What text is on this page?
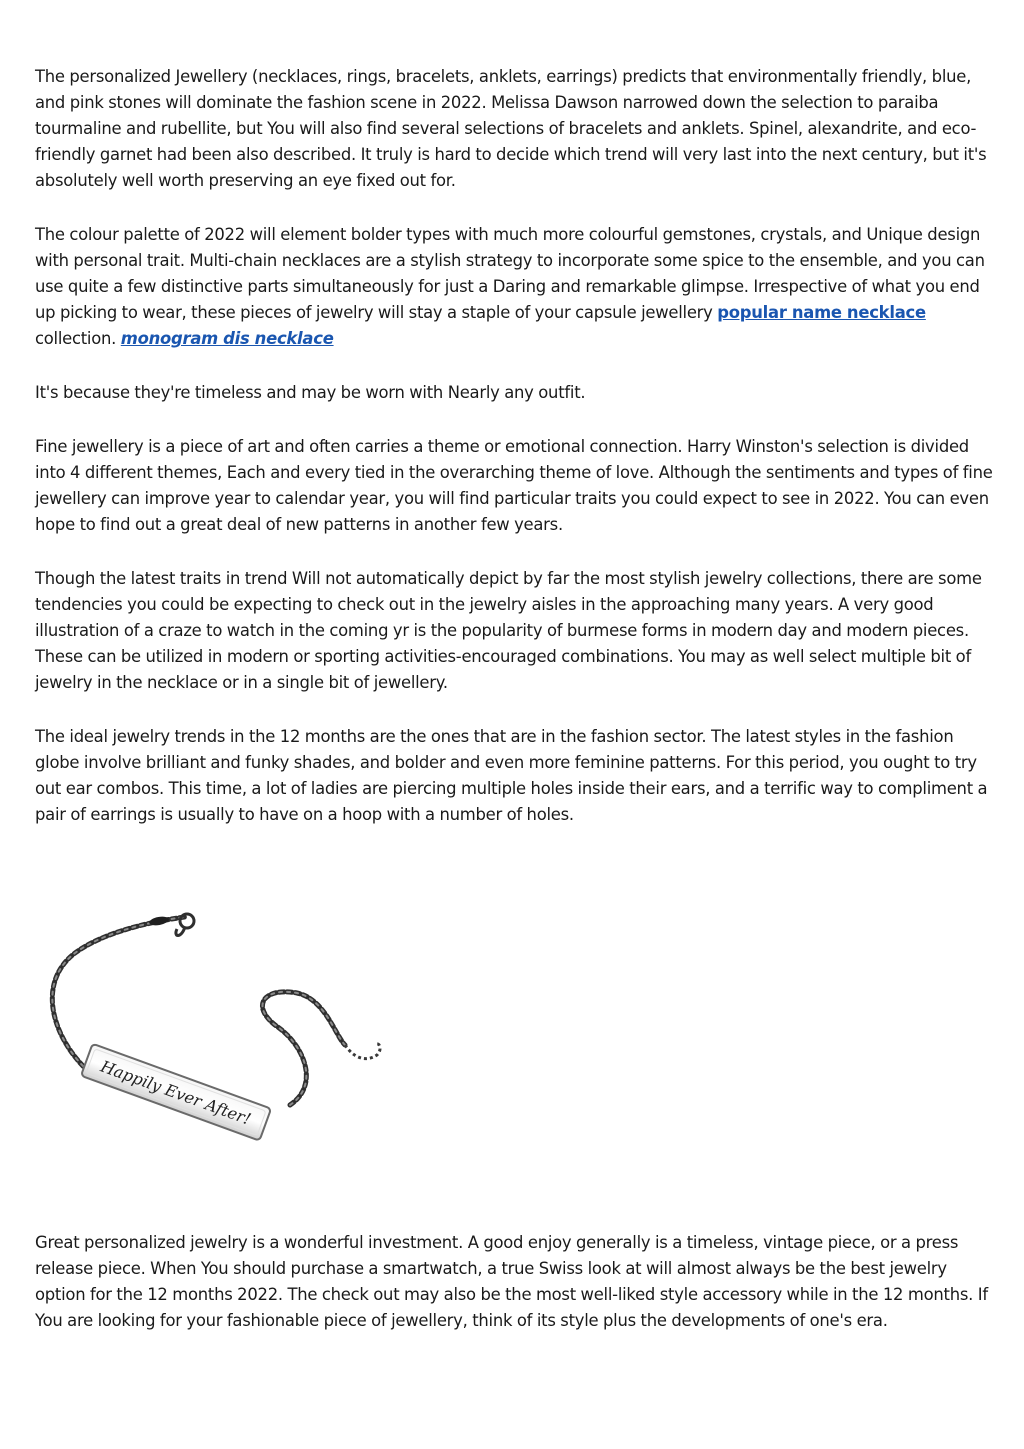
The personalized Jewellery (necklaces, rings, bracelets, anklets, earrings) predicts that environmentally friendly, blue, and pink stones will dominate the fashion scene in 2022. Melissa Dawson narrowed down the selection to paraiba tourmaline and rubellite, but You will also find several selections of bracelets and anklets. Spinel, alexandrite, and eco-friendly garnet had been also described. It truly is hard to decide which trend will very last into the next century, but it's absolutely well worth preserving an eye fixed out for.

The colour palette of 2022 will element bolder types with much more colourful gemstones, crystals, and Unique design with personal trait. Multi-chain necklaces are a stylish strategy to incorporate some spice to the ensemble, and you can use quite a few distinctive parts simultaneously for just a Daring and remarkable glimpse. Irrespective of what you end up picking to wear, these pieces of jewelry will stay a staple of your capsule jewellery popular name necklace collection. monogram dis necklace

It's because they're timeless and may be worn with Nearly any outfit.

Fine jewellery is a piece of art and often carries a theme or emotional connection. Harry Winston's selection is divided into 4 different themes, Each and every tied in the overarching theme of love. Although the sentiments and types of fine jewellery can improve year to calendar year, you will find particular traits you could expect to see in 2022. You can even hope to find out a great deal of new patterns in another few years.

Though the latest traits in trend Will not automatically depict by far the most stylish jewelry collections, there are some tendencies you could be expecting to check out in the jewelry aisles in the approaching many years. A very good illustration of a craze to watch in the coming yr is the popularity of burmese forms in modern day and modern pieces. These can be utilized in modern or sporting activities-encouraged combinations. You may as well select multiple bit of jewelry in the necklace or in a single bit of jewellery.

The ideal jewelry trends in the 12 months are the ones that are in the fashion sector. The latest styles in the fashion globe involve brilliant and funky shades, and bolder and even more feminine patterns. For this period, you ought to try out ear combos. This time, a lot of ladies are piercing multiple holes inside their ears, and a terrific way to compliment a pair of earrings is usually to have on a hoop with a number of holes.

Happily Ever After!

Great personalized jewelry is a wonderful investment. A good enjoy generally is a timeless, vintage piece, or a press release piece. When You should purchase a smartwatch, a true Swiss look at will almost always be the best jewelry option for the 12 months 2022. The check out may also be the most well-liked style accessory while in the 12 months. If You are looking for your fashionable piece of jewellery, think of its style plus the developments of one's era.
